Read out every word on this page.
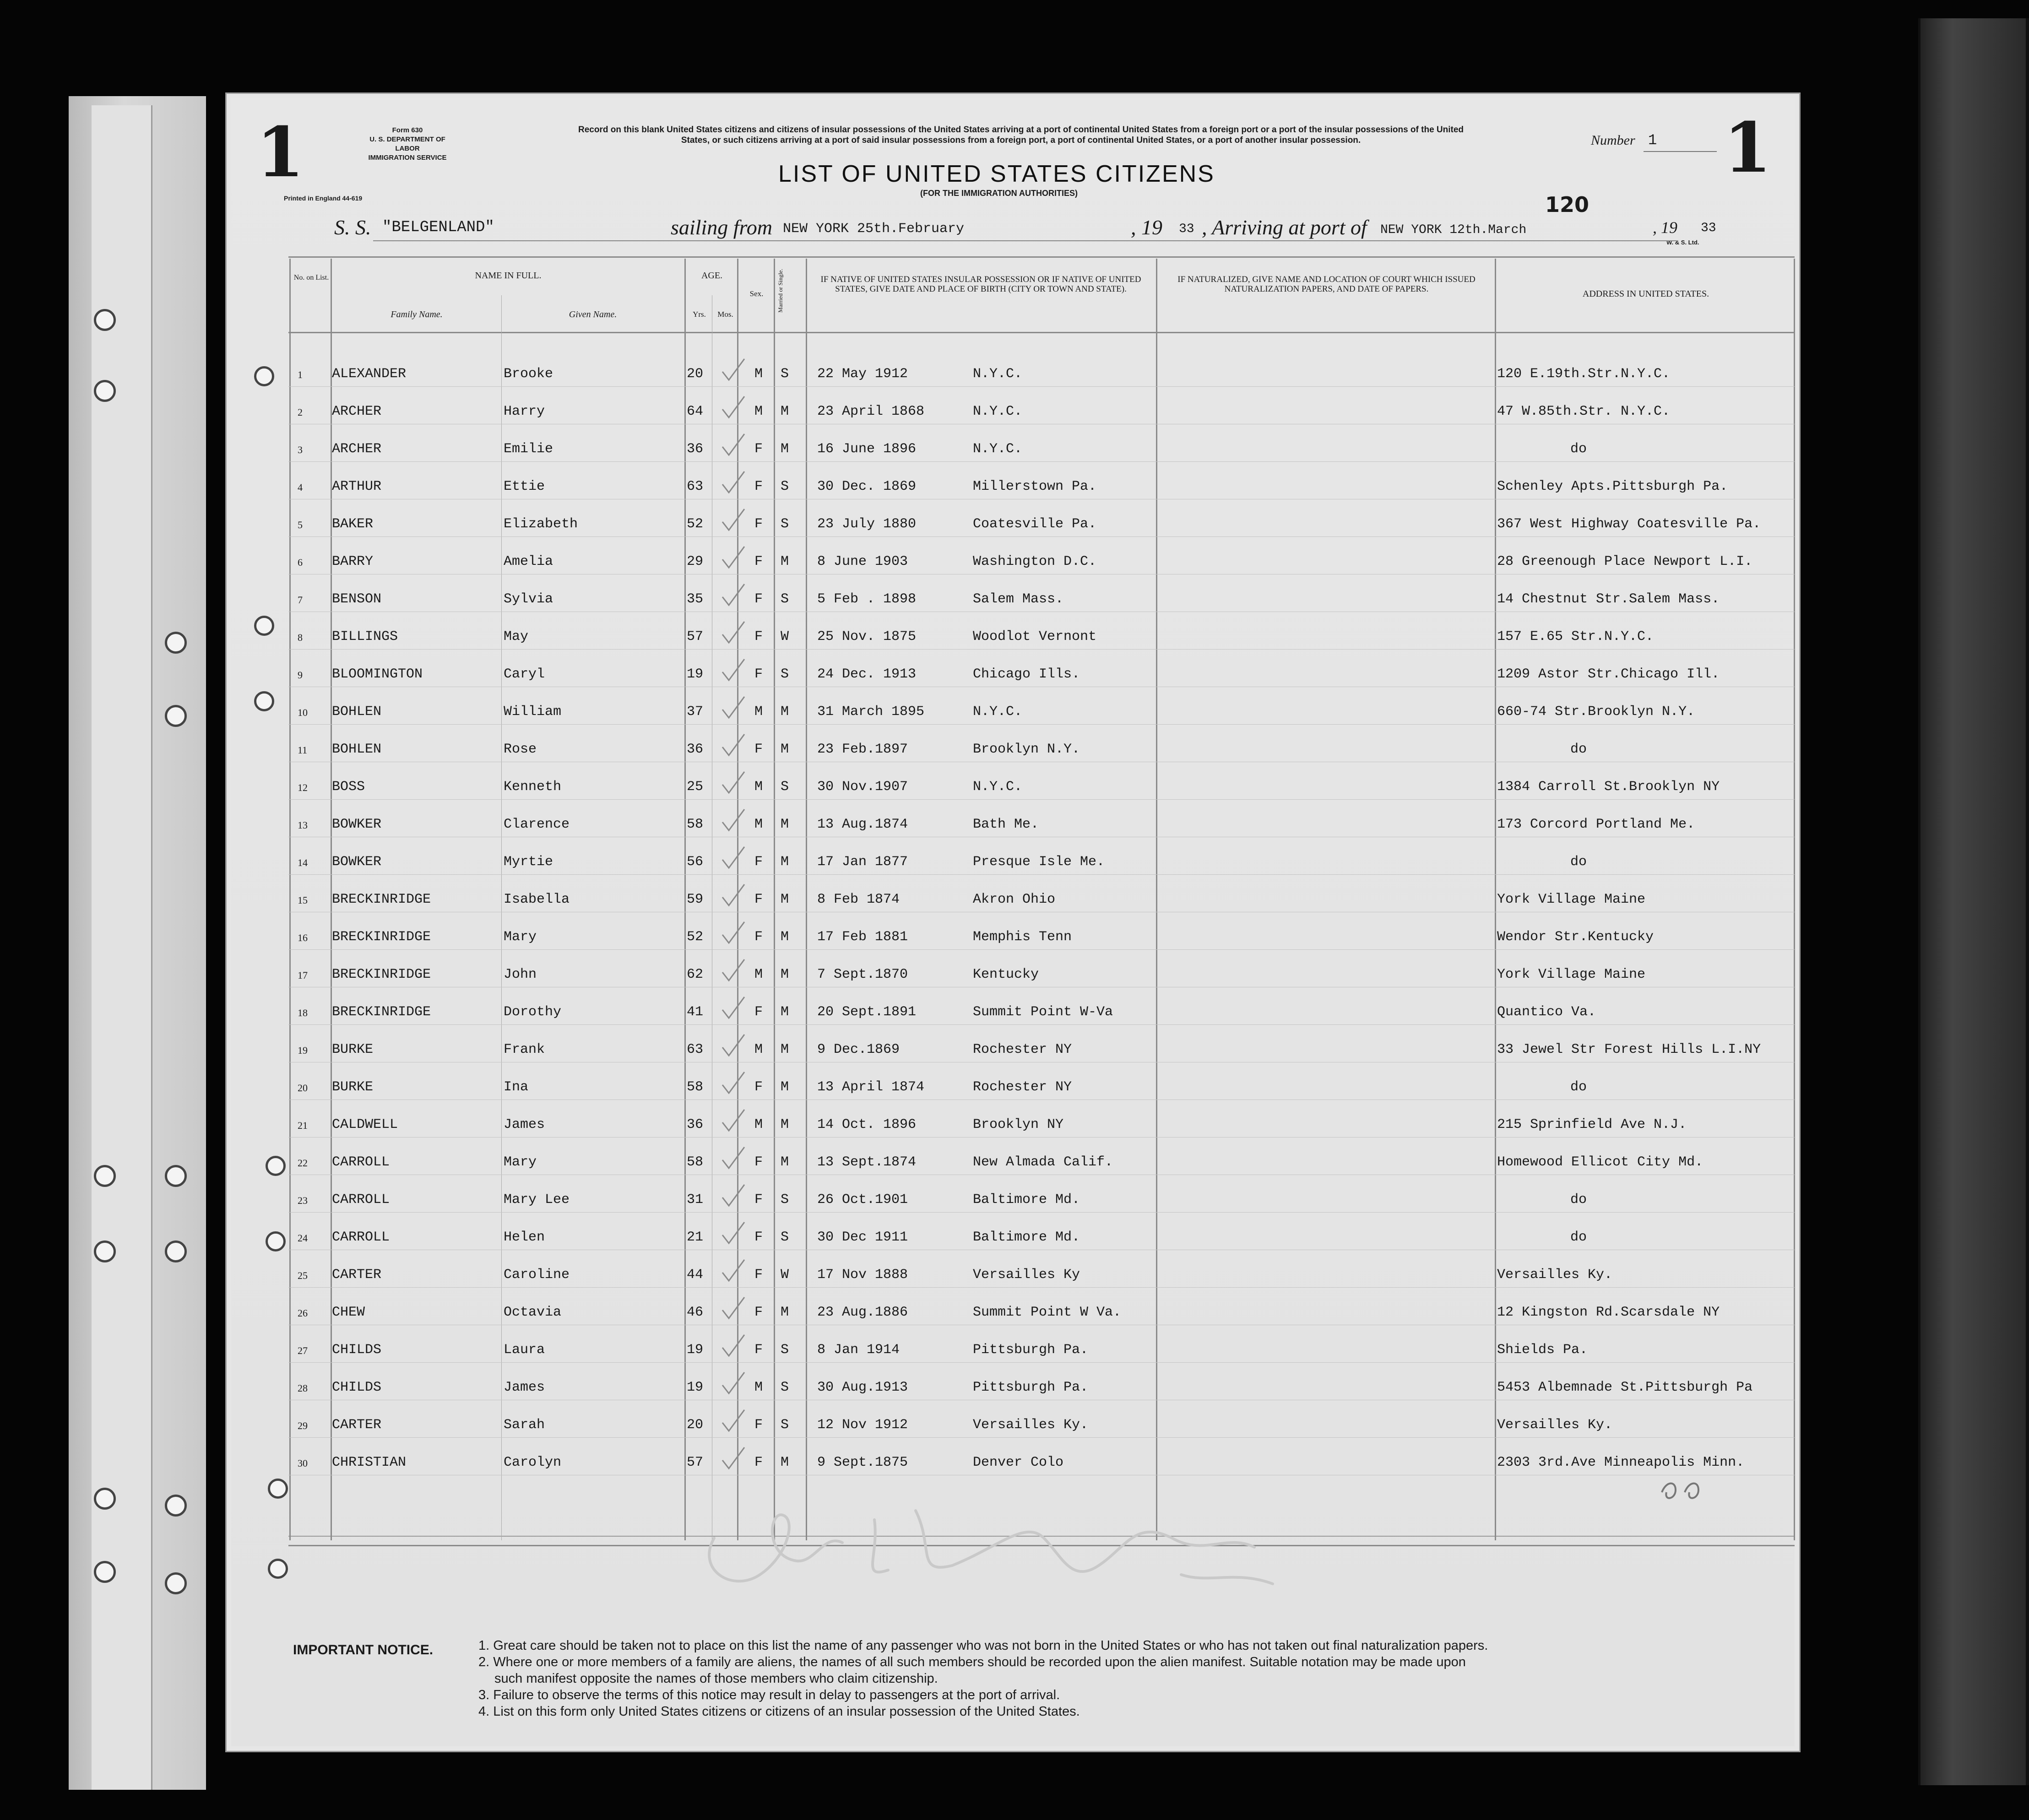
1	1
Form 630
U. S. DEPARTMENT OF LABOR
IMMIGRATION SERVICE
Printed in England 44-619
Record on this blank United States citizens and citizens of insular possessions of the United States arriving at a port of continental United States from a foreign port or a port of the insular possessions of the United States, or such citizens arriving at a port of said insular possessions from a foreign port, a port of continental United States, or a port of another insular possession.
LIST OF UNITED STATES CITIZENS
(FOR THE IMMIGRATION AUTHORITIES)
Number 1
120
S. S. "BELGENLAND"	sailing from NEW YORK 25th.February	, 19 33 , Arriving at port of NEW YORK 12th.March	, 19 33
W. & S. Ltd.
No. on List.	NAME IN FULL.
Family Name.	Given Name.
AGE.
Yrs.	Mos.
Sex.	Married or Single.	IF NATIVE OF UNITED STATES INSULAR POSSESSION OR IF NATIVE OF UNITED STATES, GIVE DATE AND PLACE OF BIRTH (CITY OR TOWN AND STATE).
IF NATURALIZED, GIVE NAME AND LOCATION OF COURT WHICH ISSUED NATURALIZATION PAPERS, AND DATE OF PAPERS.	ADDRESS IN UNITED STATES.
1 ALEXANDER	Brooke	20	M S 22 May 1912	N.Y.C.	120 E.19th.Str.N.Y.C.
2 ARCHER	Harry	64	M M 23 April 1868	N.Y.C.	47 W.85th.Str. N.Y.C.
3 ARCHER	Emilie	36	F M 16 June 1896	N.Y.C.	do
4 ARTHUR	Ettie	63	F S 30 Dec. 1869	Millerstown Pa.	Schenley Apts.Pittsburgh Pa.
5 BAKER	Elizabeth	52	F S 23 July 1880	Coatesville Pa.	367 West Highway Coatesville Pa.
6 BARRY	Amelia	29	F M 8 June 1903	Washington D.C.	28 Greenough Place Newport L.I.
7 BENSON	Sylvia	35	F S 5 Feb . 1898	Salem Mass.	14 Chestnut Str.Salem Mass.
8 BILLINGS	May	57	F W 25 Nov. 1875	Woodlot Vernont	157 E.65 Str.N.Y.C.
9 BLOOMINGTON	Caryl	19	F S 24 Dec. 1913	Chicago Ills.	1209 Astor Str.Chicago Ill.
10 BOHLEN	William	37	M M 31 March 1895	N.Y.C.	660-74 Str.Brooklyn N.Y.
11 BOHLEN	Rose	36	F M 23 Feb.1897	Brooklyn N.Y.	do
12 BOSS	Kenneth	25	M S 30 Nov.1907	N.Y.C.	1384 Carroll St.Brooklyn NY
13 BOWKER	Clarence	58	M M 13 Aug.1874	Bath Me.	173 Corcord Portland Me.
14 BOWKER	Myrtie	56	F M 17 Jan 1877	Presque Isle Me.	do
15 BRECKINRIDGE	Isabella	59	F M 8 Feb 1874	Akron Ohio	York Village Maine
16 BRECKINRIDGE	Mary	52	F M 17 Feb 1881	Memphis Tenn	Wendor Str.Kentucky
17 BRECKINRIDGE	John	62	M M 7 Sept.1870	Kentucky	York Village Maine
18 BRECKINRIDGE	Dorothy	41	F M 20 Sept.1891	Summit Point W-Va	Quantico Va.
19 BURKE	Frank	63	M M 9 Dec.1869	Rochester NY	33 Jewel Str Forest Hills L.I.NY
20 BURKE	Ina	58	F M 13 April 1874	Rochester NY	do
21 CALDWELL	James	36	M M 14 Oct. 1896	Brooklyn NY	215 Sprinfield Ave N.J.
22 CARROLL	Mary	58	F M 13 Sept.1874	New Almada Calif.	Homewood Ellicot City Md.
23 CARROLL	Mary Lee	31	F S 26 Oct.1901	Baltimore Md.	do
24 CARROLL	Helen	21	F S 30 Dec 1911	Baltimore Md.	do
25 CARTER	Caroline	44	F W 17 Nov 1888	Versailles Ky	Versailles Ky.
26 CHEW	Octavia	46	F M 23 Aug.1886	Summit Point W Va.	12 Kingston Rd.Scarsdale NY
27 CHILDS	Laura	19	F S 8 Jan 1914	Pittsburgh Pa.	Shields Pa.
28 CHILDS	James	19	M S 30 Aug.1913	Pittsburgh Pa.	5453 Albemnade St.Pittsburgh Pa
29 CARTER	Sarah	20	F S 12 Nov 1912	Versailles Ky.	Versailles Ky.
30 CHRISTIAN	Carolyn	57	F M 9 Sept.1875	Denver Colo	2303 3rd.Ave Minneapolis Minn.
IMPORTANT NOTICE.	1. Great care should be taken not to place on this list the name of any passenger who was not born in the United States or who has not taken out final naturalization papers.
2. Where one or more members of a family are aliens, the names of all such members should be recorded upon the alien manifest. Suitable notation may be made upon
such manifest opposite the names of those members who claim citizenship.
3. Failure to observe the terms of this notice may result in delay to passengers at the port of arrival.
4. List on this form only United States citizens or citizens of an insular possession of the United States.
